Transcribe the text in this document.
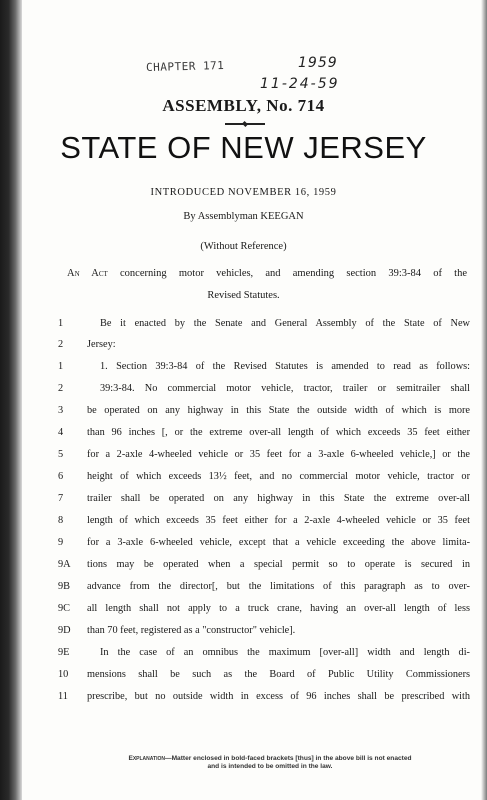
CHAPTER 171	1959
11-24-59
ASSEMBLY, No. 714
STATE OF NEW JERSEY
INTRODUCED NOVEMBER 16, 1959
By Assemblyman KEEGAN
(Without Reference)
An Act concerning motor vehicles, and amending section 39:3-84 of the
Revised Statutes.
1	Be it enacted by the Senate and General Assembly of the State of New
2	Jersey:
1	1. Section 39:3-84 of the Revised Statutes is amended to read as follows:
2	39:3-84. No commercial motor vehicle, tractor, trailer or semitrailer shall
3	be operated on any highway in this State the outside width of which is more
4	than 96 inches [, or the extreme over-all length of which exceeds 35 feet either
5	for a 2-axle 4-wheeled vehicle or 35 feet for a 3-axle 6-wheeled vehicle,] or the
6	height of which exceeds 13½ feet, and no commercial motor vehicle, tractor or
7	trailer shall be operated on any highway in this State the extreme over-all
8	length of which exceeds 35 feet either for a 2-axle 4-wheeled vehicle or 35 feet
9	for a 3-axle 6-wheeled vehicle, except that a vehicle exceeding the above limita-
9A	tions may be operated when a special permit so to operate is secured in
9B	advance from the director[, but the limitations of this paragraph as to over-
9C	all length shall not apply to a truck crane, having an over-all length of less
9D	than 70 feet, registered as a "constructor" vehicle].
9E	In the case of an omnibus the maximum [over-all] width and length di-
10	mensions shall be such as the Board of Public Utility Commissioners
11	prescribe, but no outside width in excess of 96 inches shall be prescribed with
Explanation—Matter enclosed in bold-faced brackets [thus] in the above bill is not enacted
and is intended to be omitted in the law.
